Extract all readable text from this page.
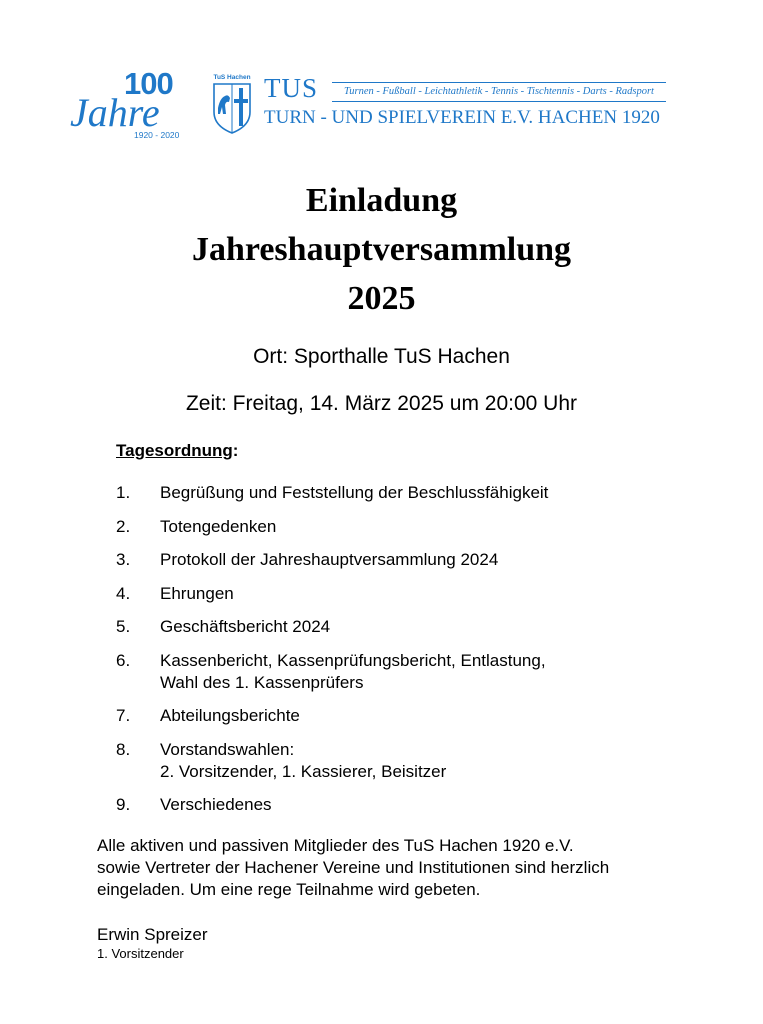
100
Jahre
1920 - 2020
TuS Hachen TUS	Turnen - Fußball - Leichtathletik - Tennis - Tischtennis - Darts - Radsport
TURN - UND SPIELVEREIN E.V. HACHEN 1920
Einladung
Jahreshauptversammlung
2025
Ort: Sporthalle TuS Hachen
Zeit: Freitag, 14. März 2025 um 20:00 Uhr
Tagesordnung:
1.	Begrüßung und Feststellung der Beschlussfähigkeit
2.	Totengedenken
3.	Protokoll der Jahreshauptversammlung 2024
4.	Ehrungen
5.	Geschäftsbericht 2024
6.	Kassenbericht, Kassenprüfungsbericht, Entlastung,
Wahl des 1. Kassenprüfers
7.	Abteilungsberichte
8.	Vorstandswahlen:
2. Vorsitzender, 1. Kassierer, Beisitzer
9.	Verschiedenes
Alle aktiven und passiven Mitglieder des TuS Hachen 1920 e.V.
sowie Vertreter der Hachener Vereine und Institutionen sind herzlich
eingeladen. Um eine rege Teilnahme wird gebeten.
Erwin Spreizer
1. Vorsitzender
